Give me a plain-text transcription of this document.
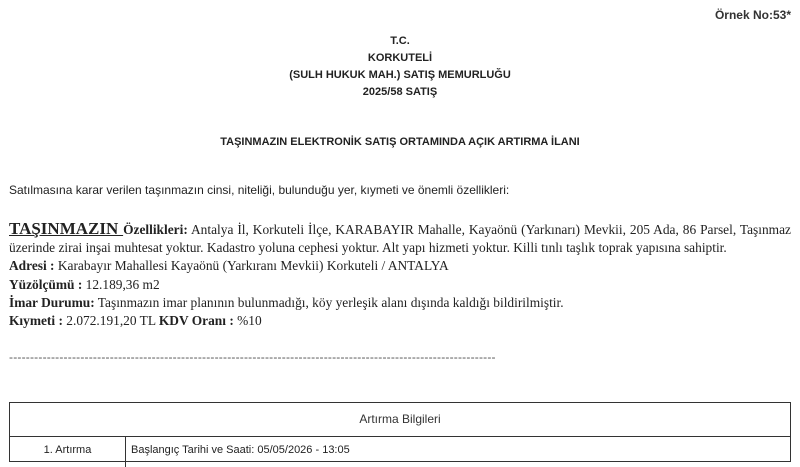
Örnek No:53*
T.C.
KORKUTELİ
(SULH HUKUK MAH.) SATIŞ MEMURLUĞU
2025/58 SATIŞ
TAŞINMAZIN ELEKTRONİK SATIŞ ORTAMINDA AÇIK ARTIRMA İLANI
Satılmasına karar verilen taşınmazın cinsi, niteliği, bulunduğu yer, kıymeti ve önemli özellikleri:
TAŞINMAZIN Özellikleri: Antalya İl, Korkuteli İlçe, KARABAYIR Mahalle, Kayaönü (Yarkınarı) Mevkii, 205 Ada, 86 Parsel, Taşınmaz üzerinde zirai inşai muhtesat yoktur. Kadastro yoluna cephesi yoktur. Alt yapı hizmeti yoktur. Killi tınlı taşlık toprak yapısına sahiptir.
Adresi : Karabayır Mahallesi Kayaönü (Yarkıranı Mevkii) Korkuteli / ANTALYA
Yüzölçümü : 12.189,36 m2
İmar Durumu: Taşınmazın imar planının bulunmadığı, köy yerleşik alanı dışında kaldığı bildirilmiştir.
Kıymeti : 2.072.191,20 TL KDV Oranı : %10
--------------------------------------------------------------------------------------------------------------------
Artırma Bilgileri
1. Artırma	Başlangıç Tarihi ve Saati: 05/05/2026 - 13:05
